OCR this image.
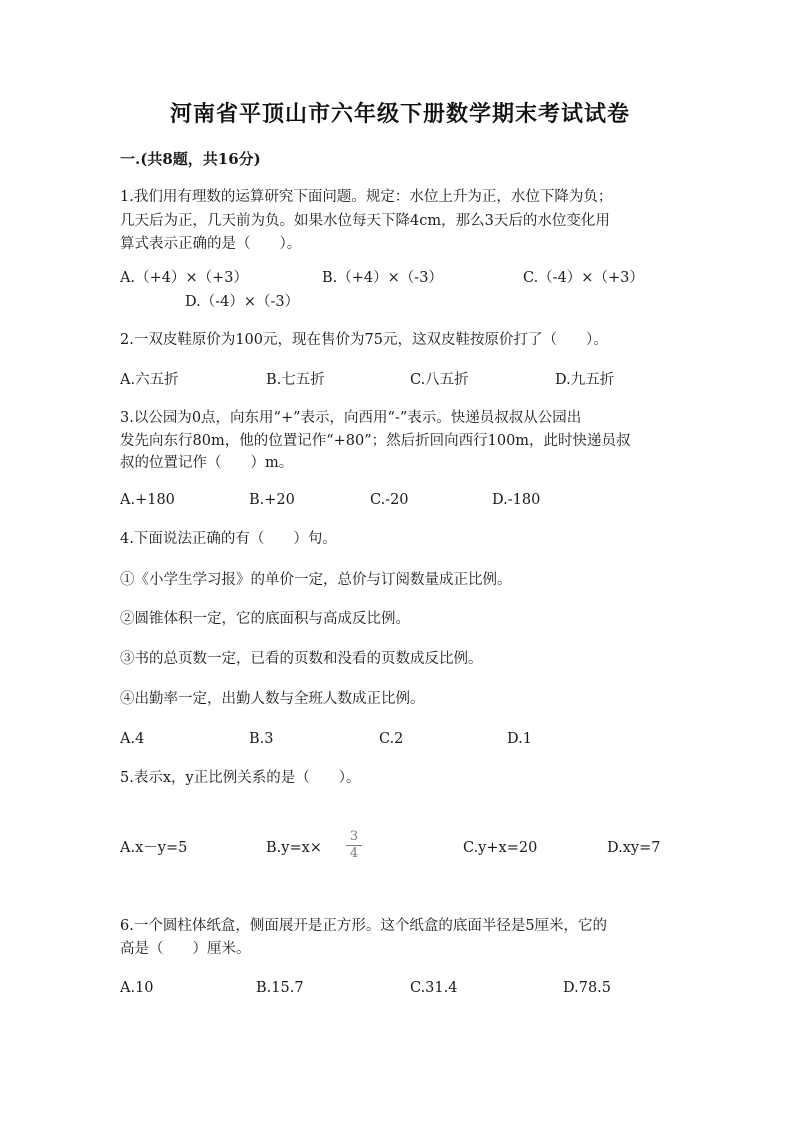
河南省平顶山市六年级下册数学期末考试试卷
一.(共8题，共16分)
1.我们用有理数的运算研究下面问题。规定：水位上升为正，水位下降为负；
几天后为正，几天前为负。如果水位每天下降4cm，那么3天后的水位变化用
算式表示正确的是（　　）。
A.（+4）×（+3）	B.（+4）×（-3）	C.（-4）×（+3）
D.（-4）×（-3）
2.一双皮鞋原价为100元，现在售价为75元，这双皮鞋按原价打了（　　）。
A.六五折	B.七五折	C.八五折	D.九五折
3.以公园为0点，向东用“+”表示，向西用“-”表示。快递员叔叔从公园出
发先向东行80m，他的位置记作“+80”；然后折回向西行100m，此时快递员叔
叔的位置记作（　　）m。
A.+180	B.+20	C.-20	D.-180
4.下面说法正确的有（　　）句。
①《小学生学习报》的单价一定，总价与订阅数量成正比例。
②圆锥体积一定，它的底面积与高成反比例。
③书的总页数一定，已看的页数和没看的页数成反比例。
④出勤率一定，出勤人数与全班人数成正比例。
A.4	B.3	C.2	D.1
5.表示x，y正比例关系的是（　　）。
A.x－y=5	B.y=x×
3
4	C.y+x=20	D.xy=7
6.一个圆柱体纸盒，侧面展开是正方形。这个纸盒的底面半径是5厘米，它的
高是（　　）厘米。
A.10	B.15.7	C.31.4	D.78.5
